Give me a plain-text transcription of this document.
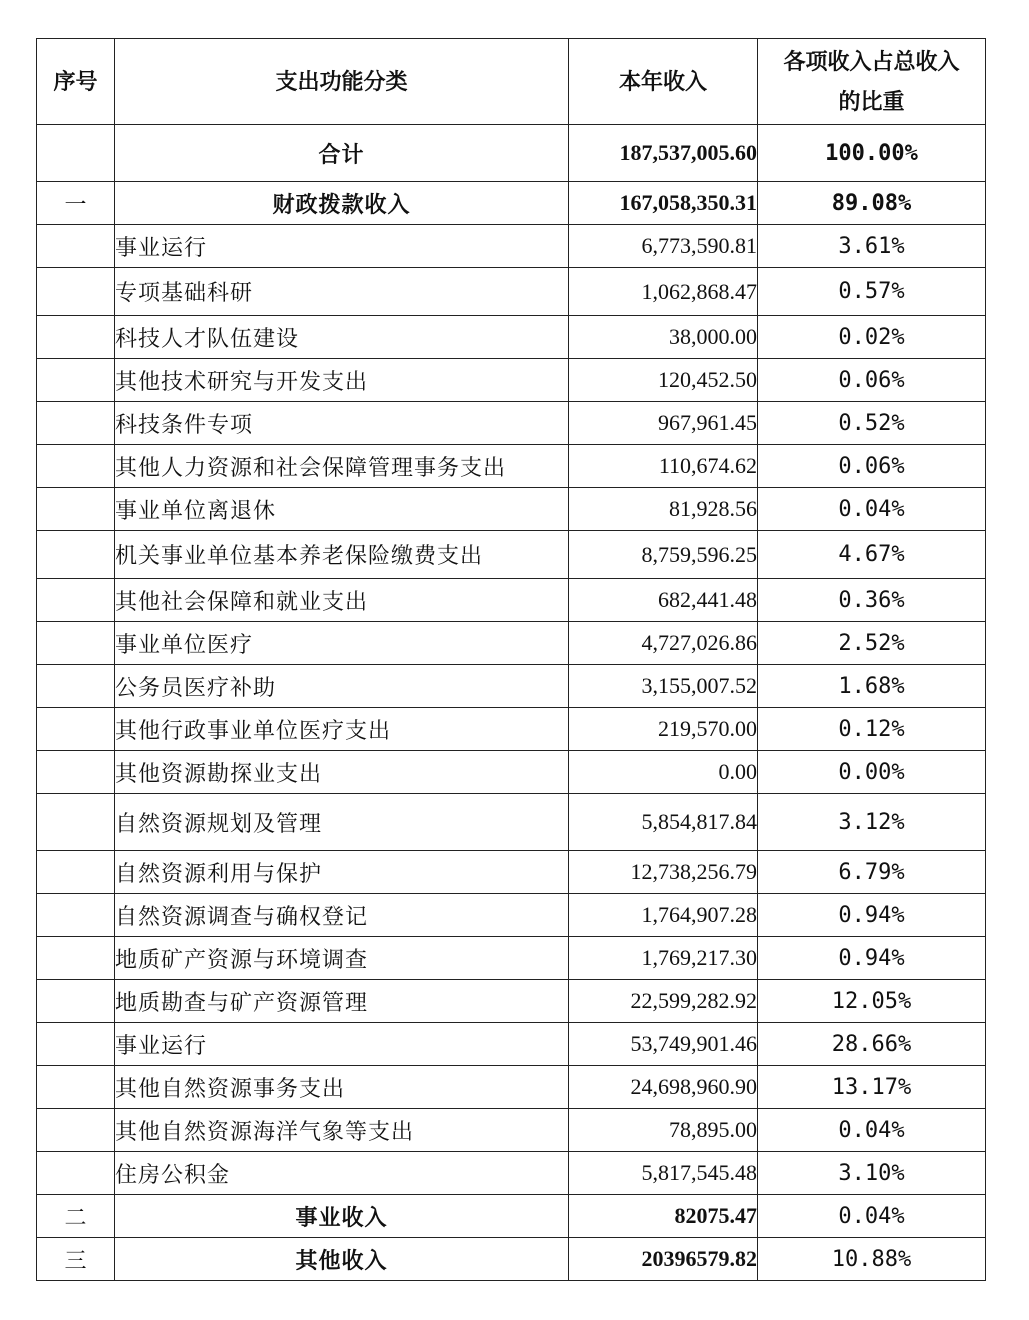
序号	支出功能分类	本年收入	各项收入占总收入
的比重

	合计	187,537,005.60	100.00%
一	财政拨款收入	167,058,350.31	89.08%
	事业运行	6,773,590.81	3.61%
	专项基础科研	1,062,868.47	0.57%
	科技人才队伍建设	38,000.00	0.02%
	其他技术研究与开发支出	120,452.50	0.06%
	科技条件专项	967,961.45	0.52%
	其他人力资源和社会保障管理事务支出	110,674.62	0.06%
	事业单位离退休	81,928.56	0.04%
	机关事业单位基本养老保险缴费支出	8,759,596.25	4.67%
	其他社会保障和就业支出	682,441.48	0.36%
	事业单位医疗	4,727,026.86	2.52%
	公务员医疗补助	3,155,007.52	1.68%
	其他行政事业单位医疗支出	219,570.00	0.12%
	其他资源勘探业支出	0.00	0.00%
	自然资源规划及管理	5,854,817.84	3.12%
	自然资源利用与保护	12,738,256.79	6.79%
	自然资源调查与确权登记	1,764,907.28	0.94%
	地质矿产资源与环境调查	1,769,217.30	0.94%
	地质勘查与矿产资源管理	22,599,282.92	12.05%
	事业运行	53,749,901.46	28.66%
	其他自然资源事务支出	24,698,960.90	13.17%
	其他自然资源海洋气象等支出	78,895.00	0.04%
	住房公积金	5,817,545.48	3.10%
二	事业收入	82075.47	0.04%
三	其他收入	20396579.82	10.88%
